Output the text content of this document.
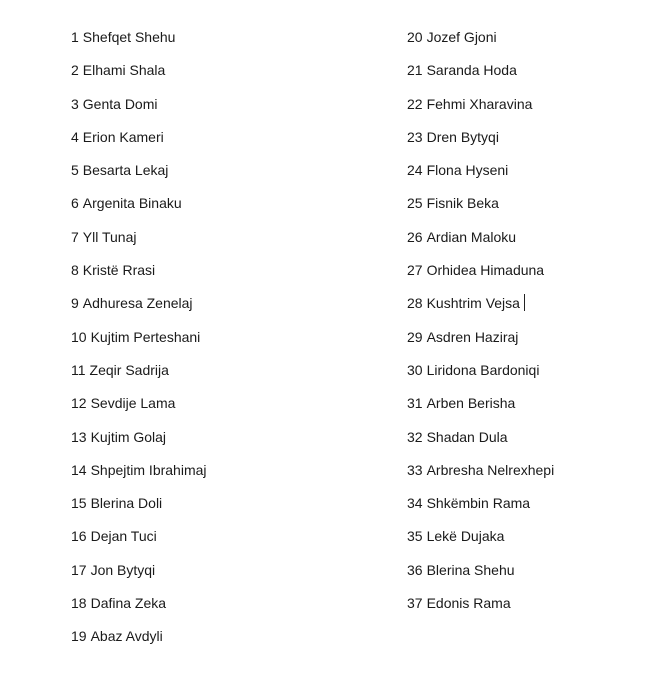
1 Shefqet Shehu
2 Elhami Shala
3 Genta Domi
4 Erion Kameri
5 Besarta Lekaj
6 Argenita Binaku
7 Yll Tunaj
8 Kristë Rrasi
9 Adhuresa Zenelaj
10 Kujtim Perteshani
11 Zeqir Sadrija
12 Sevdije Lama
13 Kujtim Golaj
14 Shpejtim Ibrahimaj
15 Blerina Doli
16 Dejan Tuci
17 Jon Bytyqi
18 Dafina Zeka
19 Abaz Avdyli
20 Jozef Gjoni
21 Saranda Hoda
22 Fehmi Xharavina
23 Dren Bytyqi
24 Flona Hyseni
25 Fisnik Beka
26 Ardian Maloku
27 Orhidea Himaduna
28 Kushtrim Vejsa
29 Asdren Haziraj
30 Liridona Bardoniqi
31 Arben Berisha
32 Shadan Dula
33 Arbresha Nelrexhepi
34 Shkëmbin Rama
35 Lekë Dujaka
36 Blerina Shehu
37 Edonis Rama
